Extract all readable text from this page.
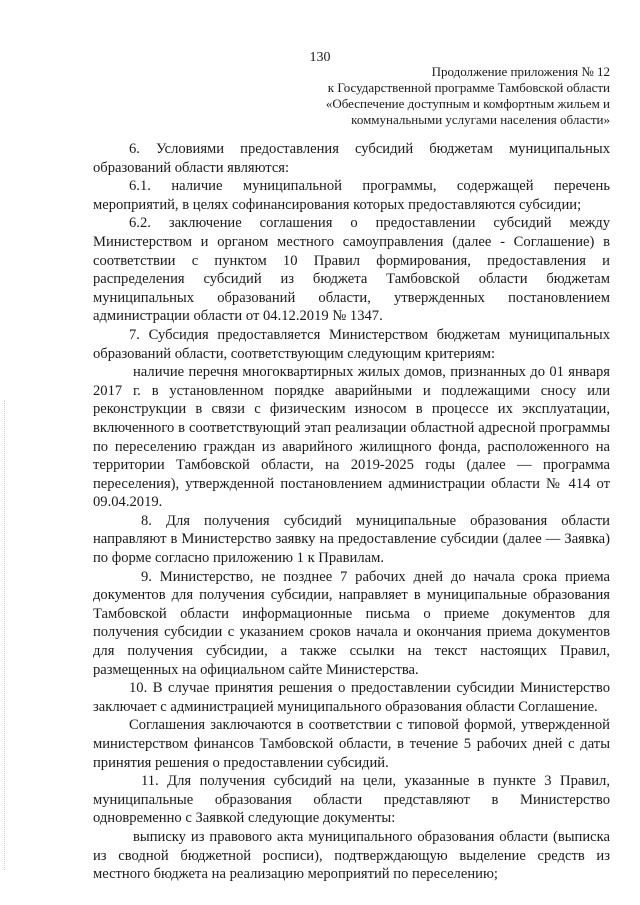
130
Продолжение приложения № 12
к Государственной программе Тамбовской области
«Обеспечение доступным и комфортным жильем и
коммунальными услугами населения области»

6. Условиями предоставления субсидий бюджетам муниципальных образований области являются:

6.1. наличие муниципальной программы, содержащей перечень мероприятий, в целях софинансирования которых предоставляются субсидии;

6.2. заключение соглашения о предоставлении субсидий между Министерством и органом местного самоуправления (далее - Соглашение) в соответствии с пунктом 10 Правил формирования, предоставления и распределения субсидий из бюджета Тамбовской области бюджетам муниципальных образований области, утвержденных постановлением администрации области от 04.12.2019 № 1347.

7. Субсидия предоставляется Министерством бюджетам муниципальных образований области, соответствующим следующим критериям:

наличие перечня многоквартирных жилых домов, признанных до 01 января 2017 г. в установленном порядке аварийными и подлежащими сносу или реконструкции в связи с физическим износом в процессе их эксплуатации, включенного в соответствующий этап реализации областной адресной программы по переселению граждан из аварийного жилищного фонда, расположенного на территории Тамбовской области, на 2019-2025 годы (далее — программа переселения), утвержденной постановлением администрации области № 414 от 09.04.2019.

8. Для получения субсидий муниципальные образования области направляют в Министерство заявку на предоставление субсидии (далее — Заявка) по форме согласно приложению 1 к Правилам.

9. Министерство, не позднее 7 рабочих дней до начала срока приема документов для получения субсидии, направляет в муниципальные образования Тамбовской области информационные письма о приеме документов для получения субсидии с указанием сроков начала и окончания приема документов для получения субсидии, а также ссылки на текст настоящих Правил, размещенных на официальном сайте Министерства.

10. В случае принятия решения о предоставлении субсидии Министерство заключает с администрацией муниципального образования области Соглашение.

Соглашения заключаются в соответствии с типовой формой, утвержденной министерством финансов Тамбовской области, в течение 5 рабочих дней с даты принятия решения о предоставлении субсидий.

11. Для получения субсидий на цели, указанные в пункте 3 Правил, муниципальные образования области представляют в Министерство одновременно с Заявкой следующие документы:

выписку из правового акта муниципального образования области (выписка из сводной бюджетной росписи), подтверждающую выделение средств из местного бюджета на реализацию мероприятий по переселению;
